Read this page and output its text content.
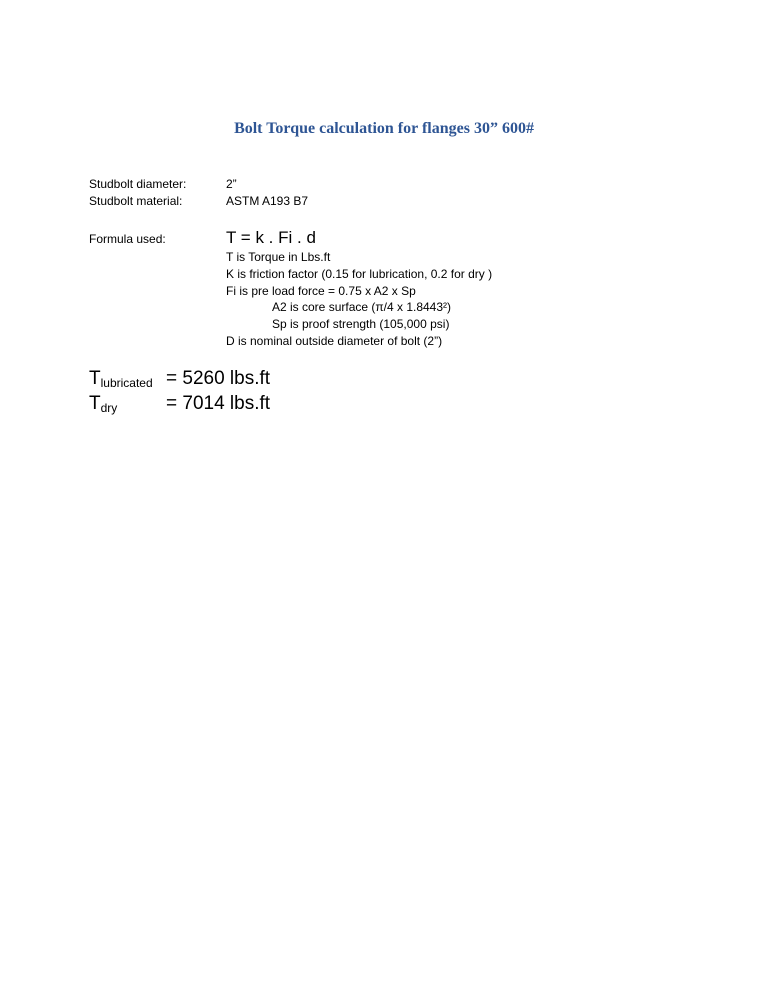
Bolt Torque calculation for flanges 30” 600#
Studbolt diameter:	2”
Studbolt material:	ASTM A193 B7
Formula used:	T = k . Fi . d
T is Torque in Lbs.ft
K is friction factor (0.15 for lubrication, 0.2 for dry )
Fi is pre load force = 0.75 x A2 x Sp
A2 is core surface (π/4 x 1.8443²)
Sp is proof strength (105,000 psi)
D is nominal outside diameter of bolt (2”)
$T_{lubricated} = 5260$ lbs.ft
$T_{dry}$	= 7014 lbs.ft
